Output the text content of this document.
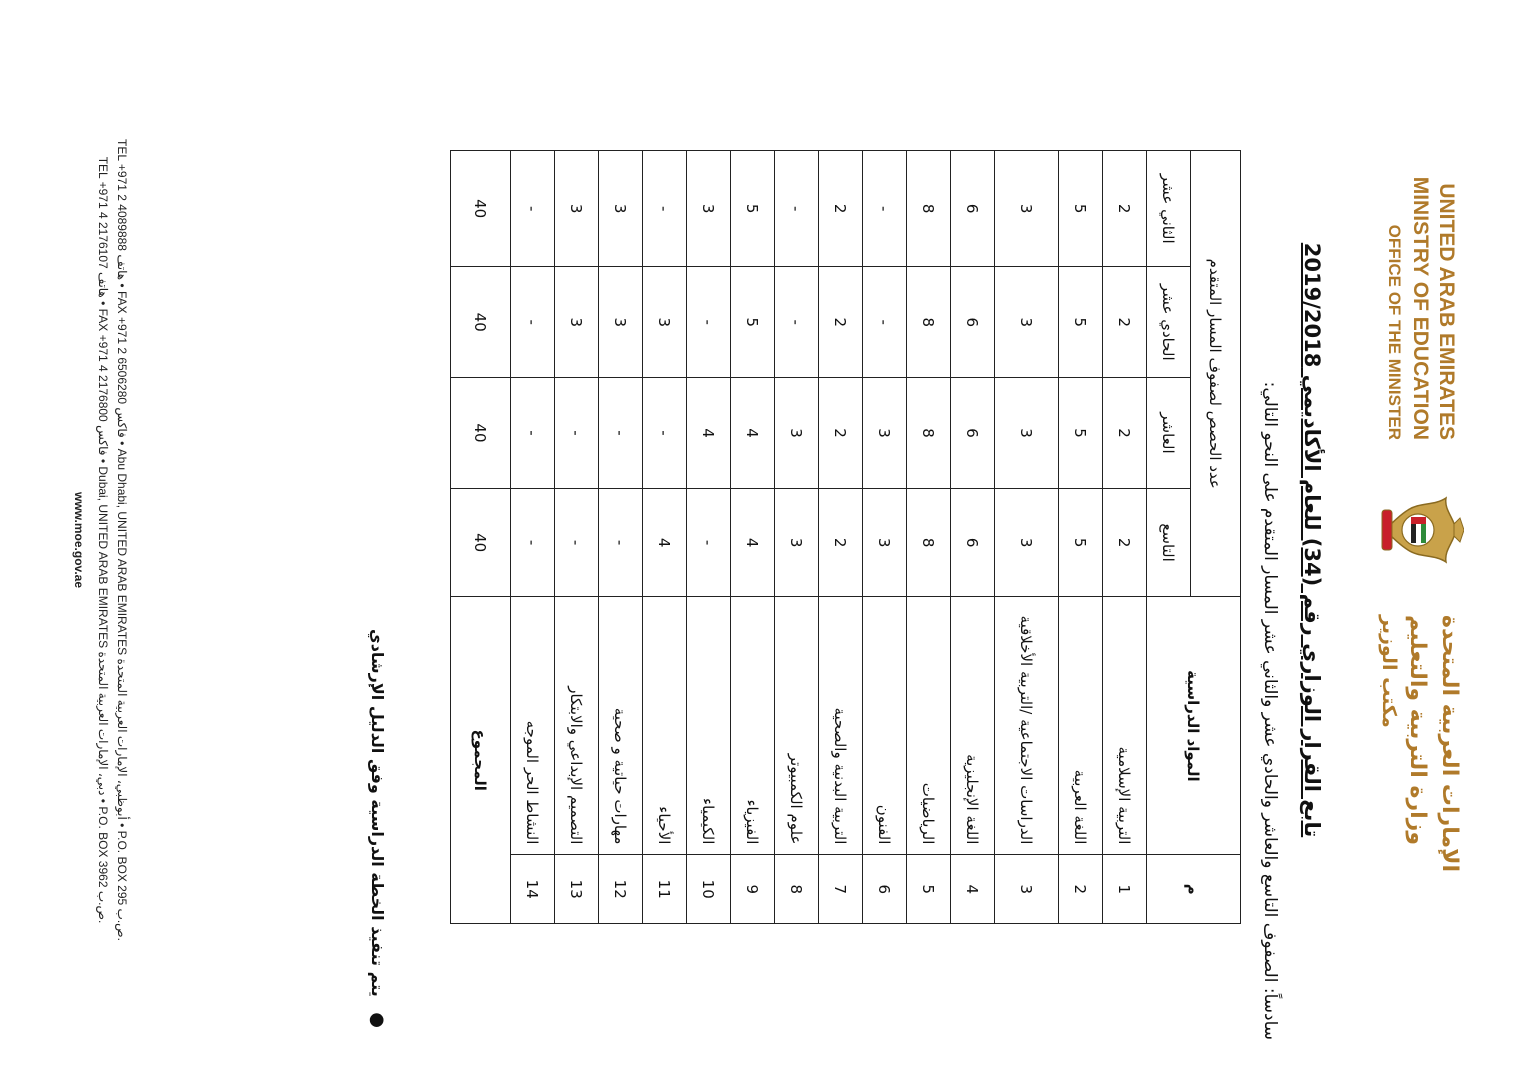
UNITED ARAB EMIRATES
MINISTRY OF EDUCATION
OFFICE OF THE MINISTER
الإمارات العربية المتحدة
وزارة التربية والتعليم
مكتب الوزير
تابع القرار الوزاري رقم (34) للعام الأكاديمي 2019/2018
سادساً: الصفوف التاسع والعاشر والحادي عشر والثاني عشر المسار المتقدم على النحو التالي:
م	المواد الدراسية	عدد الحصص لصفوف المسار المتقدم			
		التاسع	العاشر	الحادي عشر	الثاني عشر
1	التربية الإسلامية	2	2	2	2
2	اللغة العربية	5	5	5	5
3	الدراسات الاجتماعية /التربية الأخلاقية	3	3	3	3
4	اللغة الإنجليزية	6	6	6	6
5	الرياضيات	8	8	8	8
6	الفنون	3	3	-	-
7	التربية البدنية والصحية	2	2	2	2
8	علوم الكمبيوتر	3	3	-	-
9	الفيزياء	4	4	5	5
10	الكيمياء	-	4	-	3
11	الأحياء	4	-	3	-
12	مهارات حياتية و صحية	-	-	3	3
13	التصميم الإبداعي والابتكار	-	-	3	3
14	النشاط الحر الموجه	-	-	-	-
المجموع		40	40	40	40
● يتم تنفيذ الخطة الدراسية وفق الدليل الإرشادي
TEL +971 2 4089888 هاتف • FAX +971 2 6506280 فاكس • Abu Dhabi, UNITED ARAB EMIRATES أبوظبي، الإمارات العربية المتحدة • P.O. BOX 295 ص.ب.
TEL +971 4 2176107 هاتف • FAX +971 4 2176800 فاكس • Dubai, UNITED ARAB EMIRATES دبي، الإمارات العربية المتحدة • P.O. BOX 3962 ص.ب.
www.moe.gov.ae
